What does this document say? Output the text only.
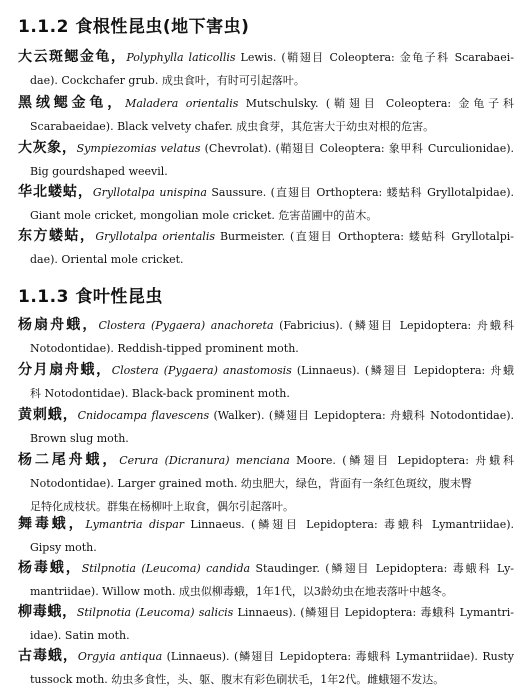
1.1.2 食根性昆虫(地下害虫)
大云斑鳃金龟，Polyphylla laticollis Lewis. (鞘翅目 Coleoptera: 金龟子科 Scarabaei-
dae). Cockchafer grub. 成虫食叶，有时可引起落叶。
黑绒鳃金龟，Maladera orientalis Mutschulsky. (鞘翅目 Coleoptera: 金龟子科
Scarabaeidae). Black velvety chafer. 成虫食芽，其危害大于幼虫对根的危害。
大灰象，Sympiezomias velatus (Chevrolat). (鞘翅目 Coleoptera: 象甲科 Curculionidae).
Big gourdshaped weevil.
华北蝼蛄，Gryllotalpa unispina Saussure. (直翅目 Orthoptera: 蝼蛄科 Gryllotalpidae).
Giant mole cricket, mongolian mole cricket. 危害苗圃中的苗木。
东方蝼蛄，Gryllotalpa orientalis Burmeister. (直翅目 Orthoptera: 蝼蛄科 Gryllotalpi-
dae). Oriental mole cricket.
1.1.3 食叶性昆虫
杨扇舟蛾，Clostera (Pygaera) anachoreta (Fabricius). (鳞翅目 Lepidoptera: 舟蛾科
Notodontidae). Reddish-tipped prominent moth.
分月扇舟蛾，Clostera (Pygaera) anastomosis (Linnaeus). (鳞翅目 Lepidoptera: 舟蛾
科 Notodontidae). Black-back prominent moth.
黄刺蛾，Cnidocampa flavescens (Walker). (鳞翅目 Lepidoptera: 舟蛾科 Notodontidae).
Brown slug moth.
杨二尾舟蛾，Cerura (Dicranura) menciana Moore. (鳞翅目 Lepidoptera: 舟蛾科
Notodontidae). Larger grained moth. 幼虫肥大，绿色，背面有一条红色斑纹，腹末臀
足特化成枝状。群集在杨柳叶上取食，偶尔引起落叶。
舞毒蛾，Lymantria dispar Linnaeus. (鳞翅目 Lepidoptera: 毒蛾科 Lymantriidae).
Gipsy moth.
杨毒蛾，Stilpnotia (Leucoma) candida Staudinger. (鳞翅目 Lepidoptera: 毒蛾科 Ly-
mantriidae). Willow moth. 成虫似柳毒蛾，1年1代，以3龄幼虫在地表落叶中越冬。
柳毒蛾，Stilpnotia (Leucoma) salicis Linnaeus). (鳞翅目 Lepidoptera: 毒蛾科 Lymantri-
idae). Satin moth.
古毒蛾，Orgyia antiqua (Linnaeus). (鳞翅目 Lepidoptera: 毒蛾科 Lymantriidae). Rusty
tussock moth. 幼虫多食性，头、躯、腹末有彩色刷状毛，1年2代。雌蛾翅不发达。
